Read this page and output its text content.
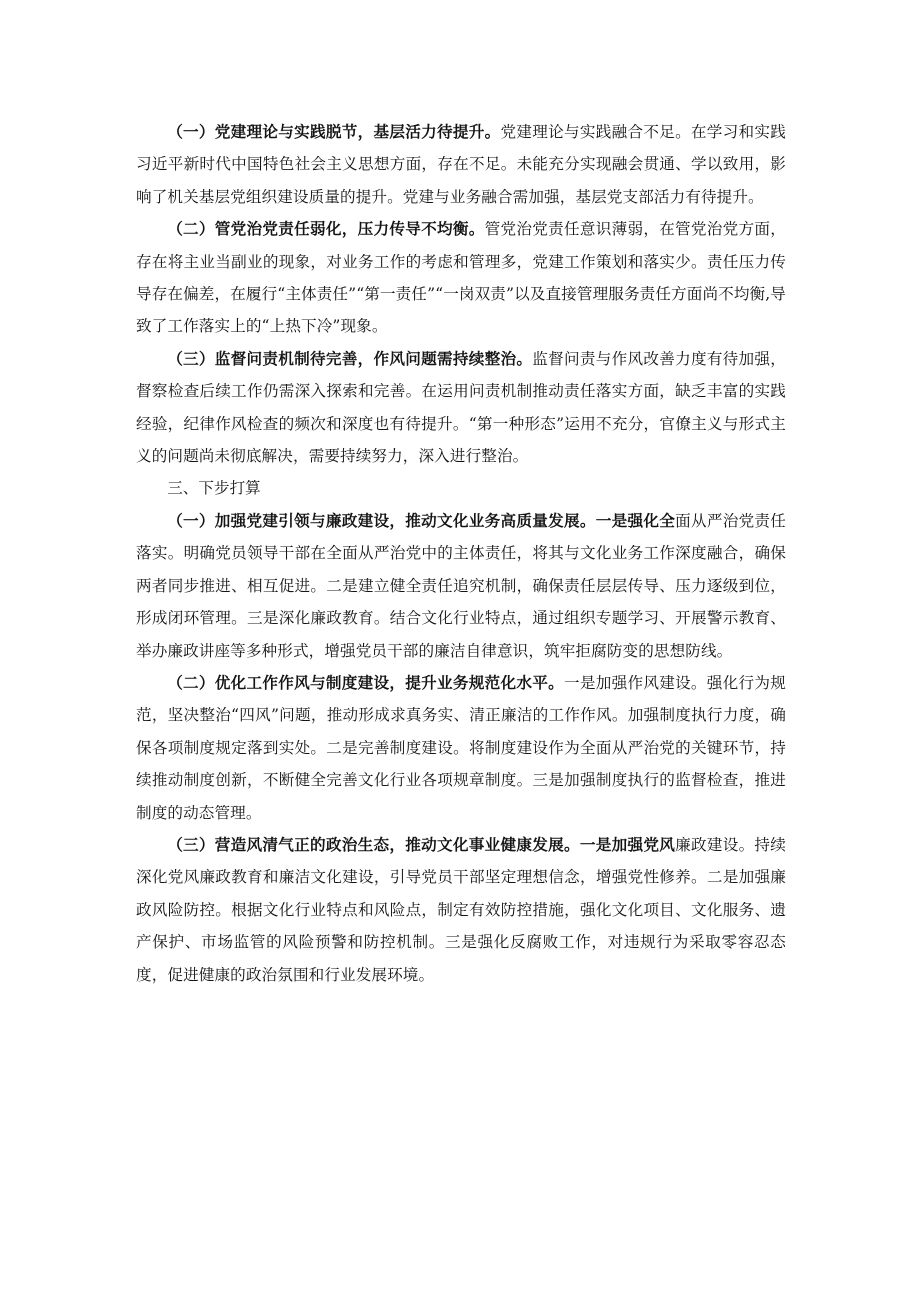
（一）党建理论与实践脱节，基层活力待提升。党建理论与实践融合不足。在学习和实践习近平新时代中国特色社会主义思想方面，存在不足。未能充分实现融会贯通、学以致用，影响了机关基层党组织建设质量的提升。党建与业务融合需加强，基层党支部活力有待提升。

（二）管党治党责任弱化，压力传导不均衡。管党治党责任意识薄弱，在管党治党方面，存在将主业当副业的现象，对业务工作的考虑和管理多，党建工作策划和落实少。责任压力传导存在偏差，在履行“主体责任”“第一责任”“一岗双责”以及直接管理服务责任方面尚不均衡,导致了工作落实上的“上热下冷”现象。

（三）监督问责机制待完善，作风问题需持续整治。监督问责与作风改善力度有待加强，督察检查后续工作仍需深入探索和完善。在运用问责机制推动责任落实方面，缺乏丰富的实践经验，纪律作风检查的频次和深度也有待提升。“第一种形态”运用不充分，官僚主义与形式主义的问题尚未彻底解决，需要持续努力，深入进行整治。

三、下步打算

（一）加强党建引领与廉政建设，推动文化业务高质量发展。一是强化全面从严治党责任落实。明确党员领导干部在全面从严治党中的主体责任，将其与文化业务工作深度融合，确保两者同步推进、相互促进。二是建立健全责任追究机制，确保责任层层传导、压力逐级到位，形成闭环管理。三是深化廉政教育。结合文化行业特点，通过组织专题学习、开展警示教育、举办廉政讲座等多种形式，增强党员干部的廉洁自律意识，筑牢拒腐防变的思想防线。

（二）优化工作作风与制度建设，提升业务规范化水平。一是加强作风建设。强化行为规范，坚决整治“四风”问题，推动形成求真务实、清正廉洁的工作作风。加强制度执行力度，确保各项制度规定落到实处。二是完善制度建设。将制度建设作为全面从严治党的关键环节，持续推动制度创新，不断健全完善文化行业各项规章制度。三是加强制度执行的监督检查，推进制度的动态管理。

（三）营造风清气正的政治生态，推动文化事业健康发展。一是加强党风廉政建设。持续深化党风廉政教育和廉洁文化建设，引导党员干部坚定理想信念，增强党性修养。二是加强廉政风险防控。根据文化行业特点和风险点，制定有效防控措施，强化文化项目、文化服务、遗产保护、市场监管的风险预警和防控机制。三是强化反腐败工作，对违规行为采取零容忍态度，促进健康的政治氛围和行业发展环境。
